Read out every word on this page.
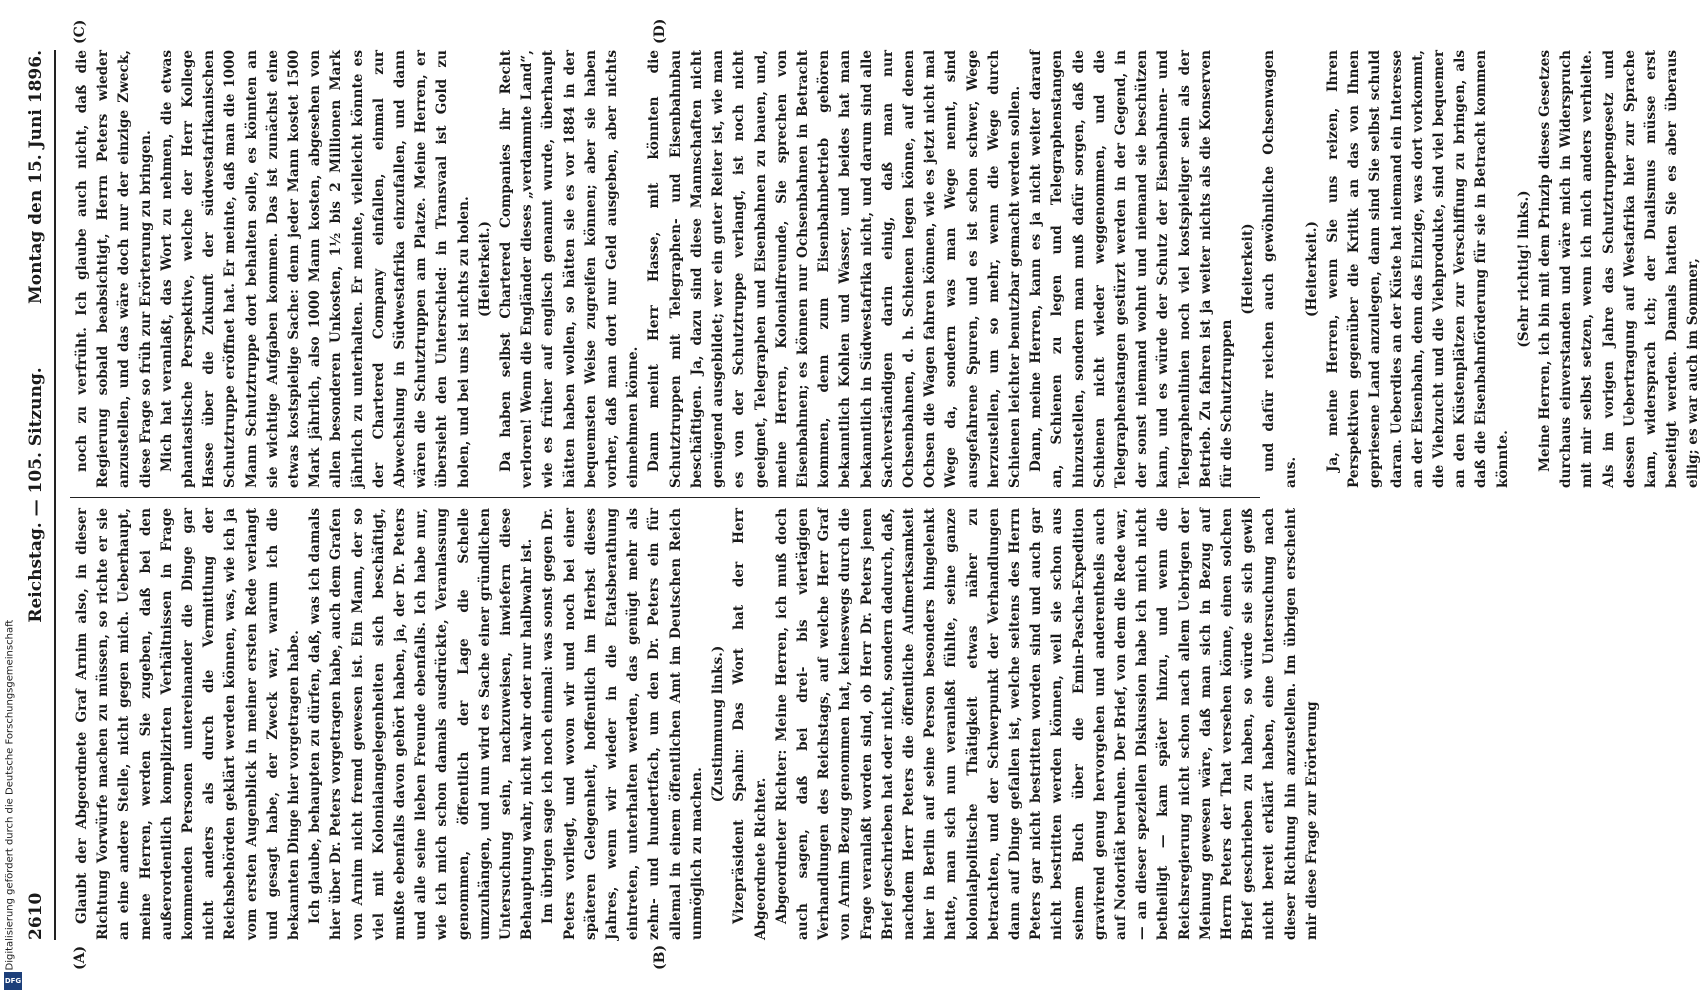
2610
Reichstag. — 105. Sitzung.
Montag den 15. Juni 1896.
(A)	(B)
(C)	(D)

Glaubt der Abgeordnete Graf Arnim also, in dieser Richtung Vorwürfe machen zu müssen, so richte er sie an eine andere Stelle, nicht gegen mich. Ueberhaupt, meine Herren, werden Sie zugeben, daß bei den außerordentlich komplizirten Verhältnissen in Frage kommenden Personen untereinander die Dinge gar nicht anders als durch die Vermittlung der Reichsbehörden geklärt werden können, was, wie ich ja vom ersten Augenblick in meiner ersten Rede verlangt und gesagt habe, der Zweck war, warum ich die bekannten Dinge hier vorgetragen habe. Ich glaube, behaupten zu dürfen, daß, was ich damals hier über Dr. Peters vorgetragen habe, auch dem Grafen von Arnim nicht fremd gewesen ist. Ein Mann, der so viel mit Kolonialangelegenheiten sich beschäftigt, mußte ebenfalls davon gehört haben, ja, der Dr. Peters und alle seine lieben Freunde ebenfalls. Ich habe nur, wie ich mich schon damals ausdrückte, Veranlassung genommen, öffentlich der Lage die Schelle umzuhängen, und nun wird es Sache einer gründlichen Untersuchung sein, nachzuweisen, inwiefern diese Behauptung wahr, nicht wahr oder nur halbwahr ist. Im übrigen sage ich noch einmal: was sonst gegen Dr. Peters vorliegt, und wovon wir und noch bei einer späteren Gelegenheit, hoffentlich im Herbst dieses Jahres, wenn wir wieder in die Etatsberathung eintreten, unterhalten werden, das genügt mehr als zehn- und hundertfach, um den Dr. Peters ein für allemal in einem öffentlichen Amt im Deutschen Reich unmöglich zu machen.

(Zustimmung links.) Vizepräsident Spahn: Das Wort hat der Herr Abgeordnete Richter. Abgeordneter Richter: Meine Herren, ich muß doch auch sagen, daß bei drei- bis viertägigen Verhandlungen des Reichstags, auf welche Herr Graf von Arnim Bezug genommen hat, keineswegs durch die Frage veranlaßt worden sind, ob Herr Dr. Peters jenen Brief geschrieben hat oder nicht, sondern dadurch, daß, nachdem Herr Peters die öffentliche Aufmerksamkeit hier in Berlin auf seine Person besonders hingelenkt hatte, man sich nun veranlaßt fühlte, seine ganze kolonialpolitische Thätigkeit etwas näher zu betrachten, und der Schwerpunkt der Verhandlungen dann auf Dinge gefallen ist, welche seitens des Herrn Peters gar nicht bestritten worden sind und auch gar nicht bestritten werden können, weil sie schon aus seinem Buch über die Emin-Pascha-Expedition gravirend genug hervorgehen und anderentheils auch auf Notorität beruhen. Der Brief, von dem die Rede war, — an dieser speziellen Diskussion habe ich mich nicht betheiligt — kam später hinzu, und wenn die Reichsregierung nicht schon nach allem Uebrigen der Meinung gewesen wäre, daß man sich in Bezug auf Herrn Peters der That versehen könne, einen solchen Brief geschrieben zu haben, so würde sie sich gewiß nicht bereit erklärt haben, eine Untersuchung nach dieser Richtung hin anzustellen. Im übrigen erscheint mir diese Frage zur Erörterung

noch zu verfrüht. Ich glaube auch nicht, daß die Regierung sobald beabsichtigt, Herrn Peters wieder anzustellen, und das wäre doch nur der einzige Zweck, diese Frage so früh zur Erörterung zu bringen. Mich hat veranlaßt, das Wort zu nehmen, die etwas phantastische Perspektive, welche der Herr Kollege Hasse über die Zukunft der südwestafrikanischen Schutztruppe eröffnet hat. Er meinte, daß man die 1000 Mann Schutztruppe dort behalten solle, es könnten an sie wichtige Aufgaben kommen. Das ist zunächst eine etwas kostspielige Sache: denn jeder Mann kostet 1500 Mark jährlich, also 1000 Mann kosten, abgesehen von allen besonderen Unkosten, 1½ bis 2 Millionen Mark jährlich zu unterhalten. Er meinte, vielleicht könnte es der Chartered Company einfallen, einmal zur Abwechslung in Südwestafrika einzufallen, und dann wären die Schutztruppen am Platze. Meine Herren, er übersieht den Unterschied: in Transvaal ist Gold zu holen, und bei uns ist nichts zu holen. (Heiterkeit.) Da haben selbst Chartered Companies ihr Recht verloren! Wenn die Engländer dieses „verdammte Land“, wie es früher auf englisch genannt wurde, überhaupt hätten haben wollen, so hätten sie es vor 1884 in der bequemsten Weise zugreifen können; aber sie haben vorher, daß man dort nur Geld ausgeben, aber nichts einnehmen könne. Dann meint Herr Hasse, mit könnten die Schutztruppen mit Telegraphen- und Eisenbahnbau beschäftigen. Ja, dazu sind diese Mannschaften nicht genügend ausgebildet; wer ein guter Reiter ist, wie man es von der Schutztruppe verlangt, ist noch nicht geeignet, Telegraphen und Eisenbahnen zu bauen, und, meine Herren, Kolonialfreunde, Sie sprechen von Eisenbahnen; es können nur Ochsenbahnen in Betracht kommen, denn zum Eisenbahnbetrieb gehören bekanntlich Kohlen und Wasser, und beides hat man bekanntlich in Südwestafrika nicht, und darum sind alle Sachverständigen darin einig, daß man nur Ochsenbahnen, d. h. Schienen legen könne, auf denen Ochsen die Wagen fahren können, wie es jetzt nicht mal Wege da, sondern was man Wege nennt, sind ausgefahrene Spuren, und es ist schon schwer, Wege herzustellen, um so mehr, wenn die Wege durch Schienen leichter benutzbar gemacht werden sollen. Dann, meine Herren, kann es ja nicht weiter darauf an, Schienen zu legen und Telegraphenstangen hinzustellen, sondern man muß dafür sorgen, daß die Schienen nicht wieder weggenommen, und die Telegraphenstangen gestürzt werden in der Gegend, in der sonst niemand wohnt und niemand sie beschützen kann, und es würde der Schutz der Eisenbahnen- und Telegraphenlinien noch viel kostspieliger sein als der Betrieb. Zu fahren ist ja weiter nichts als die Konserven für die Schutztruppen

(Heiterkeit) und dafür reichen auch gewöhnliche Ochsenwagen aus.

(Heiterkeit.) Ja, meine Herren, wenn Sie uns reizen, Ihren Perspektiven gegenüber die Kritik an das von Ihnen gepriesene Land anzulegen, dann sind Sie selbst schuld daran. Ueberdies an der Küste hat niemand ein Interesse an der Eisenbahn, denn das Einzige, was dort vorkommt, die Viehzucht und die Viehprodukte, sind viel bequemer an den Küstenplätzen zur Verschiffung zu bringen, als daß die Eisenbahnförderung für sie in Betracht kommen könnte.

(Sehr richtig! links.) Meine Herren, ich bin mit dem Prinzip dieses Gesetzes durchaus einverstanden und wäre mich in Widerspruch mit mir selbst setzen, wenn ich mich anders verhielte. Als im vorigen Jahre das Schutztruppengesetz und dessen Uebertragung auf Westafrika hier zur Sprache kam, widersprach ich; der Dualismus müsse erst beseitigt werden. Damals hatten Sie es aber überaus eilig; es war auch im Sommer,

Digitalisierung gefördert durch die Deutsche Forschungsgemeinschaft
DFG
